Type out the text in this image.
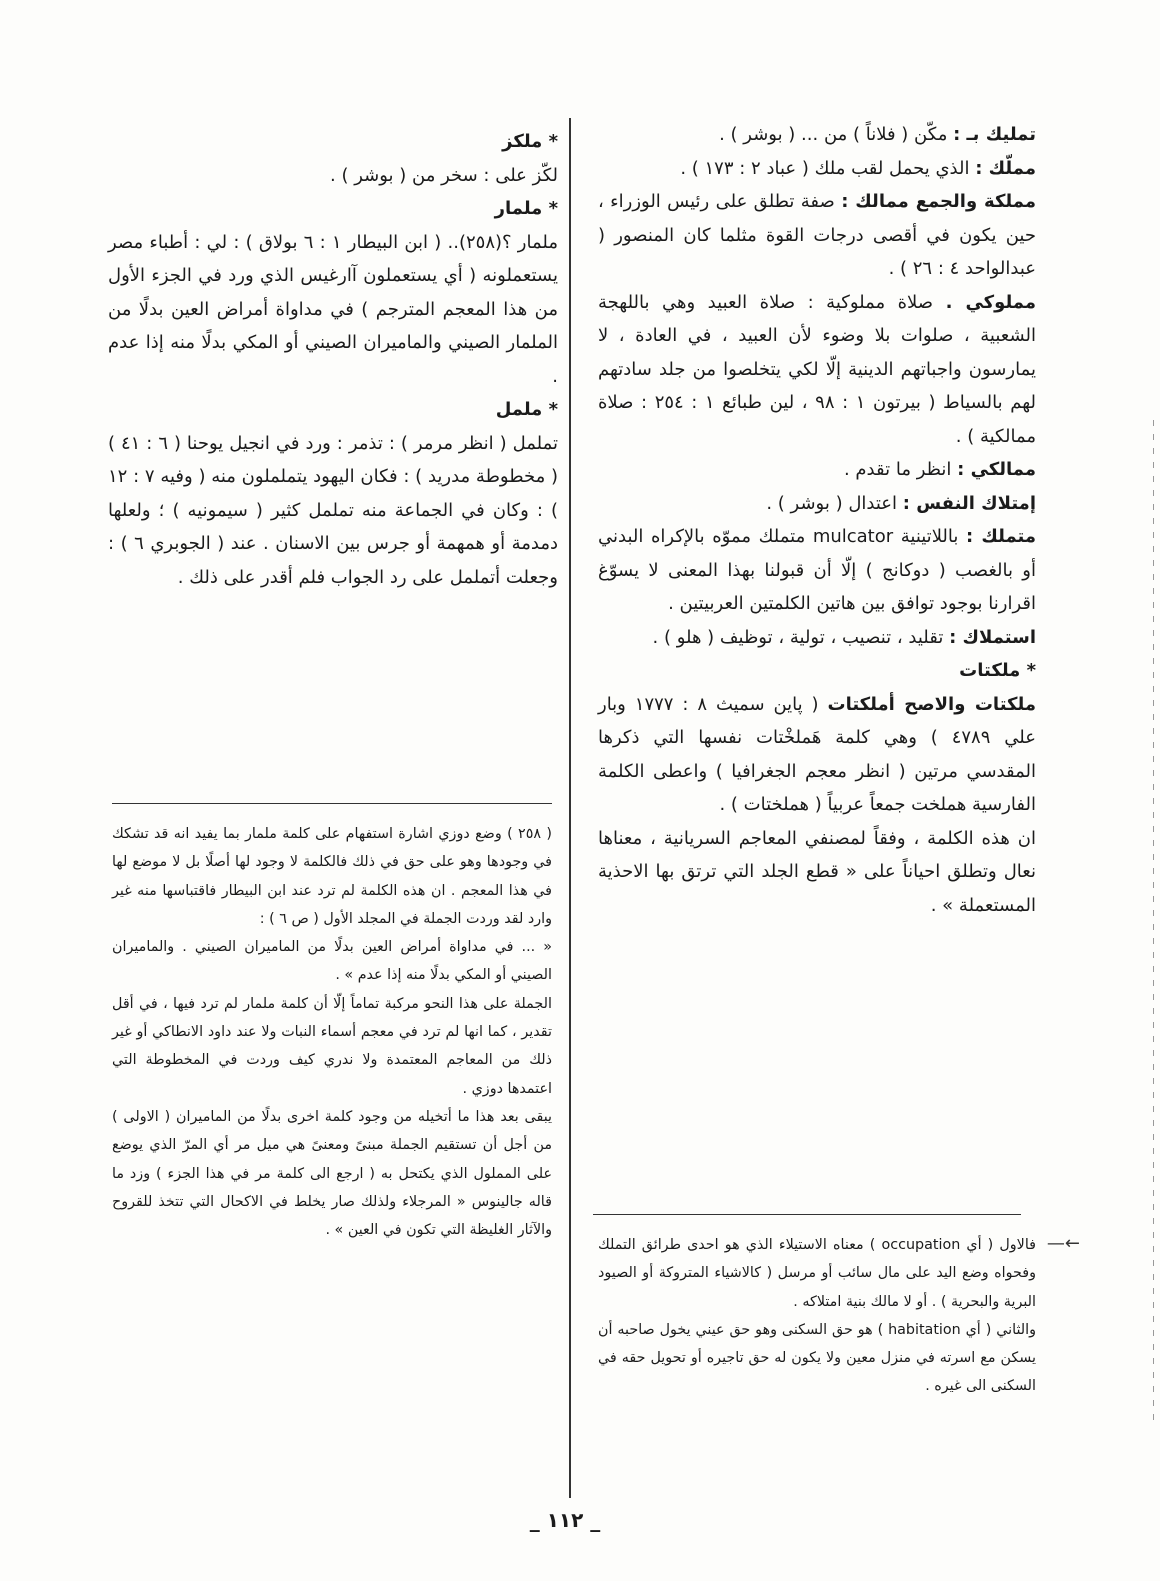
تمليك بـ : مكّن ( فلاناً ) من ... ( بوشر ) .

مملّك : الذي يحمل لقب ملك ( عباد ٢ : ١٧٣ ) .

مملكة والجمع ممالك : صفة تطلق على رئيس الوزراء ، حين يكون في أقصى درجات القوة مثلما كان المنصور ( عبدالواحد ٤ : ٢٦ ) .

مملوكي . صلاة مملوكية : صلاة العبيد وهي باللهجة الشعبية ، صلوات بلا وضوء لأن العبيد ، في العادة ، لا يمارسون واجباتهم الدينية إلّا لكي يتخلصوا من جلد سادتهم لهم بالسياط ( بيرتون ١ : ٩٨ ، لين طبائع ١ : ٢٥٤ : صلاة ممالكية ) .

ممالكي : انظر ما تقدم .

إمتلاك النفس : اعتدال ( بوشر ) .

متملك : باللاتينية mulcator متملك مموّه بالإكراه البدني أو بالغصب ( دوكانج ) إلّا أن قبولنا بهذا المعنى لا يسوّغ اقرارنا بوجود توافق بين هاتين الكلمتين العربيتين .

استملاك : تقليد ، تنصيب ، تولية ، توظيف ( هلو ) .

* ملكتات

ملكتات والاصح أملكتات ( پاين سميث ٨ : ١٧٧٧ وبار علي ٤٧٨٩ ) وهي كلمة هَملخْتات نفسها التي ذكرها المقدسي مرتين ( انظر معجم الجغرافيا ) واعطى الكلمة الفارسية هملخت جمعاً عربياً ( هملختات ) .

ان هذه الكلمة ، وفقاً لمصنفي المعاجم السريانية ، معناها نعال وتطلق احياناً على « قطع الجلد التي ترتق بها الاحذية المستعملة » .

* ملكز

لكّز على : سخر من ( بوشر ) .

* ملمار

ملمار ؟(٢٥٨).. ( ابن البيطار ١ : ٦ بولاق ) : لي : أطباء مصر يستعملونه ( أي يستعملون آارغيس الذي ورد في الجزء الأول من هذا المعجم المترجم ) في مداواة أمراض العين بدلًا من الملمار الصيني والماميران الصيني أو المكي بدلًا منه إذا عدم .

* ململ

تململ ( انظر مرمر ) : تذمر : ورد في انجيل يوحنا ( ٦ : ٤١ ) ( مخطوطة مدريد ) : فكان اليهود يتململون منه ( وفيه ٧ : ١٢ ) : وكان في الجماعة منه تململ كثير ( سيمونيه ) ؛ ولعلها دمدمة أو همهمة أو جرس بين الاسنان . عند ( الجوبري ٦ ) : وجعلت أتململ على رد الجواب فلم أقدر على ذلك .

( ٢٥٨ ) وضع دوزي اشارة استفهام على كلمة ملمار بما يفيد انه قد تشكك في وجودها وهو على حق في ذلك فالكلمة لا وجود لها أصلًا بل لا موضع لها في هذا المعجم . ان هذه الكلمة لم ترد عند ابن البيطار فاقتباسها منه غير وارد لقد وردت الجملة في المجلد الأول ( ص ٦ ) :

« ... في مداواة أمراض العين بدلًا من الماميران الصيني . والماميران الصيني أو المكي بدلًا منه إذا عدم » .

الجملة على هذا النحو مركبة تماماً إلّا أن كلمة ملمار لم ترد فيها ، في أقل تقدير ، كما انها لم ترد في معجم أسماء النبات ولا عند داود الانطاكي أو غير ذلك من المعاجم المعتمدة ولا ندري كيف وردت في المخطوطة التي اعتمدها دوزي .

يبقى بعد هذا ما أتخيله من وجود كلمة اخرى بدلًا من الماميران ( الاولى ) من أجل أن تستقيم الجملة مبنىً ومعنىً هي ميل مر أي المرّ الذي يوضع على المملول الذي يكتحل به ( ارجع الى كلمة مر في هذا الجزء ) وزد ما قاله جالينوس « المرجلاء ولذلك صار يخلط في الاكحال التي تتخذ للقروح والآثار الغليظة التي تكون في العين » .

←—

فالاول ( أي occupation ) معناه الاستيلاء الذي هو احدى طرائق التملك وفحواه وضع اليد على مال سائب أو مرسل ( كالاشياء المتروكة أو الصيود البرية والبحرية ) . أو لا مالك بنية امتلاكه .

والثاني ( أي habitation ) هو حق السكنى وهو حق عيني يخول صاحبه أن يسكن مع اسرته في منزل معين ولا يكون له حق تاجيره أو تحويل حقه في السكنى الى غيره .

_ ١١٢ _
